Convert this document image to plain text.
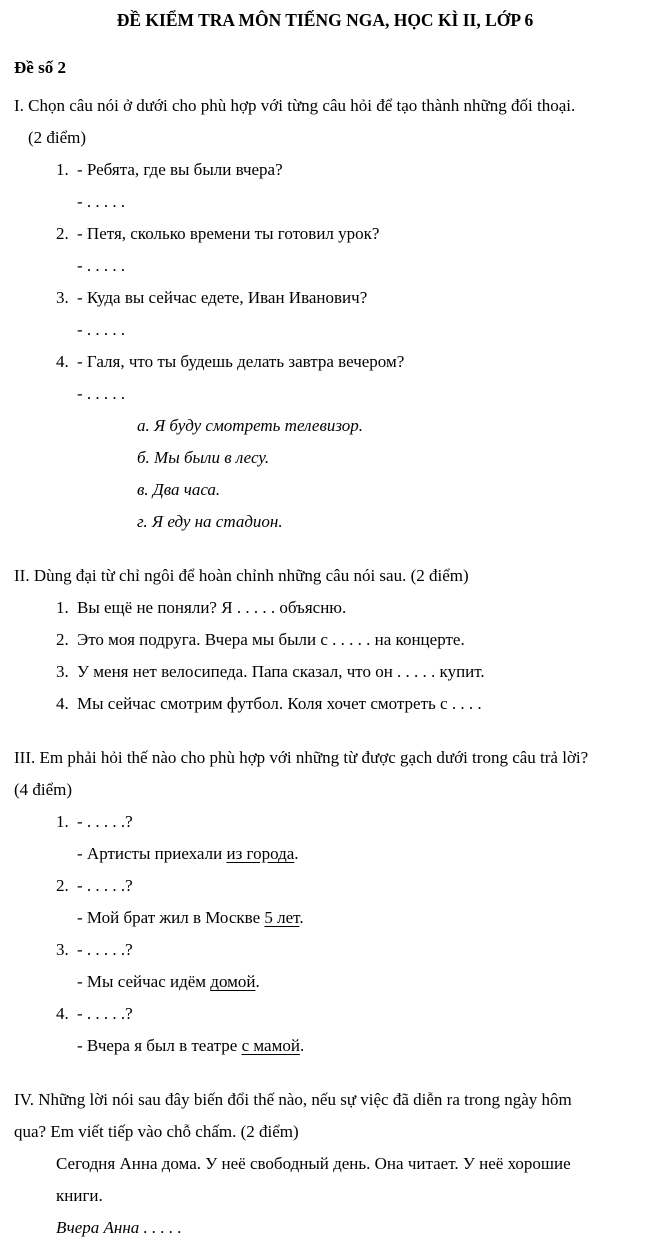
ĐỀ KIỂM TRA MÔN TIẾNG NGA, HỌC KÌ II, LỚP 6
Đề số 2
I. Chọn câu nói ở dưới cho phù hợp với từng câu hỏi để tạo thành những đối thoại.
(2 điểm)
1. - Ребята, где вы были вчера?
- . . . . .
2. - Петя, сколько времени ты готовил урок?
- . . . . .
3. - Куда вы сейчас едете, Иван Иванович?
- . . . . .
4. - Галя, что ты будешь делать завтра вечером?
- . . . . .
а. Я буду смотреть телевизор.
б. Мы были в лесу.
в. Два часа.
г. Я еду на стадион.
II. Dùng đại từ chỉ ngôi để hoàn chỉnh những câu nói sau. (2 điểm)
1. Вы ещё не поняли? Я . . . . . объясню.
2. Это моя подруга. Вчера мы были с . . . . . на концерте.
3. У меня нет велосипеда. Папа сказал, что он . . . . . купит.
4. Мы сейчас смотрим футбол. Коля хочет смотреть с . . . .
III. Em phải hỏi thế nào cho phù hợp với những từ được gạch dưới trong câu trả lời?
(4 điểm)
1. - . . . . .?
- Артисты приехали из города.
2. - . . . . .?
- Мой брат жил в Москве 5 лет.
3. - . . . . .?
- Мы сейчас идём домой.
4. - . . . . .?
- Вчера я был в театре с мамой.
IV. Những lời nói sau đây biến đổi thế nào, nếu sự việc đã diễn ra trong ngày hôm
qua? Em viết tiếp vào chỗ chấm. (2 điểm)
Сегодня Анна дома. У неё свободный день. Она читает. У неё хорошие
книги.
Вчера Анна . . . . .
